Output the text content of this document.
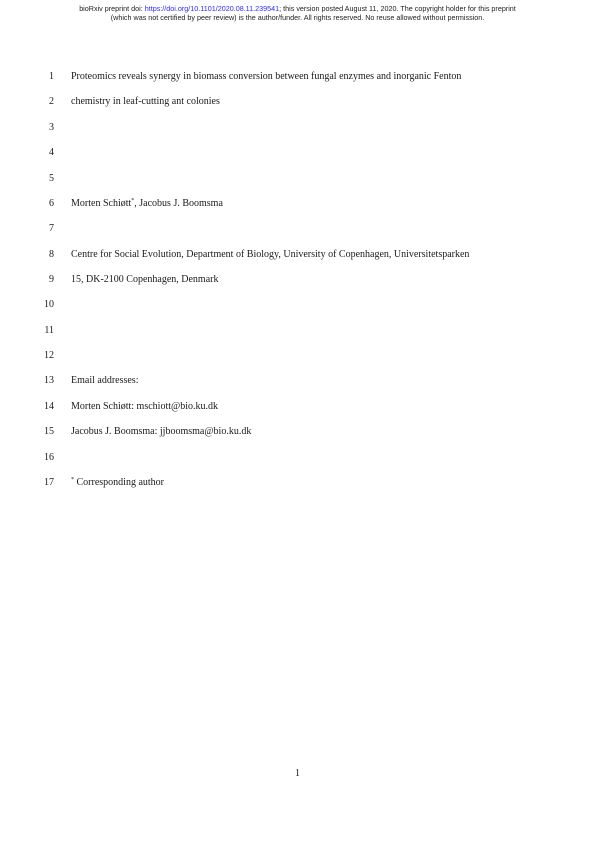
bioRxiv preprint doi: https://doi.org/10.1101/2020.08.11.239541; this version posted August 11, 2020. The copyright holder for this preprint
(which was not certified by peer review) is the author/funder. All rights reserved. No reuse allowed without permission.
1 Proteomics reveals synergy in biomass conversion between fungal enzymes and inorganic Fenton
2 chemistry in leaf-cutting ant colonies
3
4
5
6 Morten Schiøtt*, Jacobus J. Boomsma
7
8 Centre for Social Evolution, Department of Biology, University of Copenhagen, Universitetsparken
9 15, DK-2100 Copenhagen, Denmark
10
11
12
13 Email addresses:
14 Morten Schiøtt: mschiott@bio.ku.dk
15 Jacobus J. Boomsma: jjboomsma@bio.ku.dk
16
17	* Corresponding author
1
